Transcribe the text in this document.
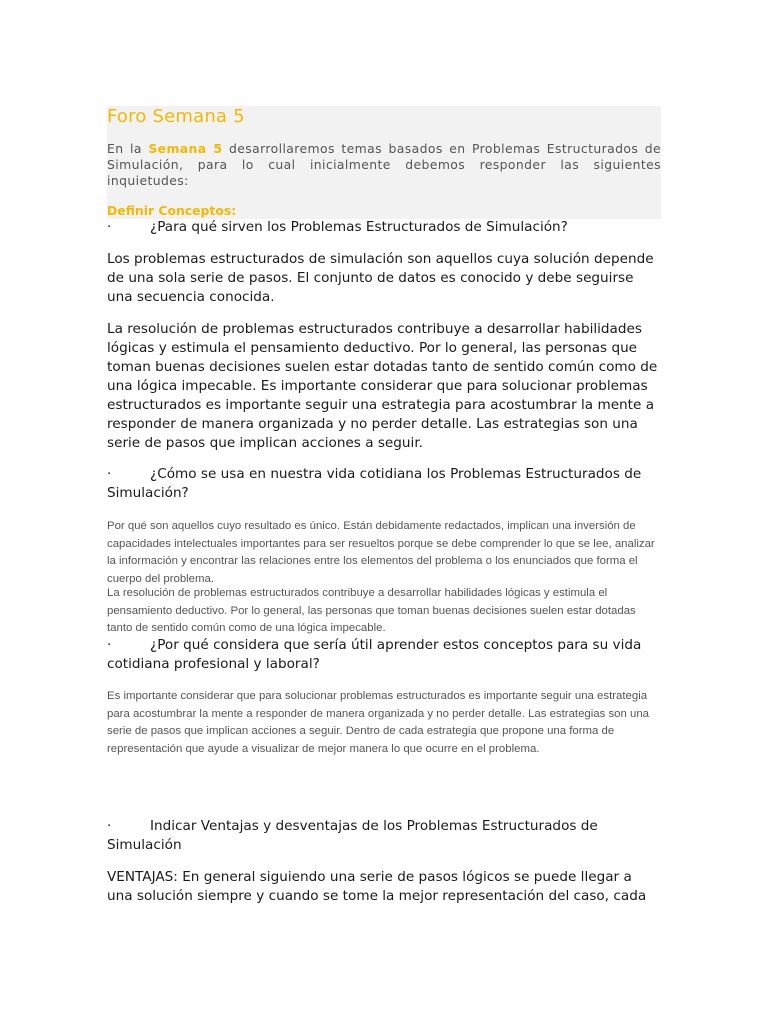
Foro Semana 5
En la Semana 5 desarrollaremos temas basados en Problemas Estructurados de Simulación, para lo cual inicialmente debemos responder las siguientes inquietudes:
Definir Conceptos:

·	¿Para qué sirven los Problemas Estructurados de Simulación?

Los problemas estructurados de simulación son aquellos cuya solución depende de una sola serie de pasos. El conjunto de datos es conocido y debe seguirse una secuencia conocida.

La resolución de problemas estructurados contribuye a desarrollar habilidades lógicas y estimula el pensamiento deductivo. Por lo general, las personas que toman buenas decisiones suelen estar dotadas tanto de sentido común como de una lógica impecable. Es importante considerar que para solucionar problemas estructurados es importante seguir una estrategia para acostumbrar la mente a responder de manera organizada y no perder detalle. Las estrategias son una serie de pasos que implican acciones a seguir.

·	¿Cómo se usa en nuestra vida cotidiana los Problemas Estructurados de Simulación?

Por qué son aquellos cuyo resultado es único. Están debidamente redactados, implican una inversión de capacidades intelectuales importantes para ser resueltos porque se debe comprender lo que se lee, analizar la información y encontrar las relaciones entre los elementos del problema o los enunciados que forma el cuerpo del problema.

La resolución de problemas estructurados contribuye a desarrollar habilidades lógicas y estimula el pensamiento deductivo. Por lo general, las personas que toman buenas decisiones suelen estar dotadas tanto de sentido común como de una lógica impecable.

·	¿Por qué considera que sería útil aprender estos conceptos para su vida cotidiana profesional y laboral?

Es importante considerar que para solucionar problemas estructurados es importante seguir una estrategia para acostumbrar la mente a responder de manera organizada y no perder detalle. Las estrategias son una serie de pasos que implican acciones a seguir. Dentro de cada estrategia que propone una forma de representación que ayude a visualizar de mejor manera lo que ocurre en el problema.

·	Indicar Ventajas y desventajas de los Problemas Estructurados de Simulación

VENTAJAS: En general siguiendo una serie de pasos lógicos se puede llegar a una solución siempre y cuando se tome la mejor representación del caso, cada
